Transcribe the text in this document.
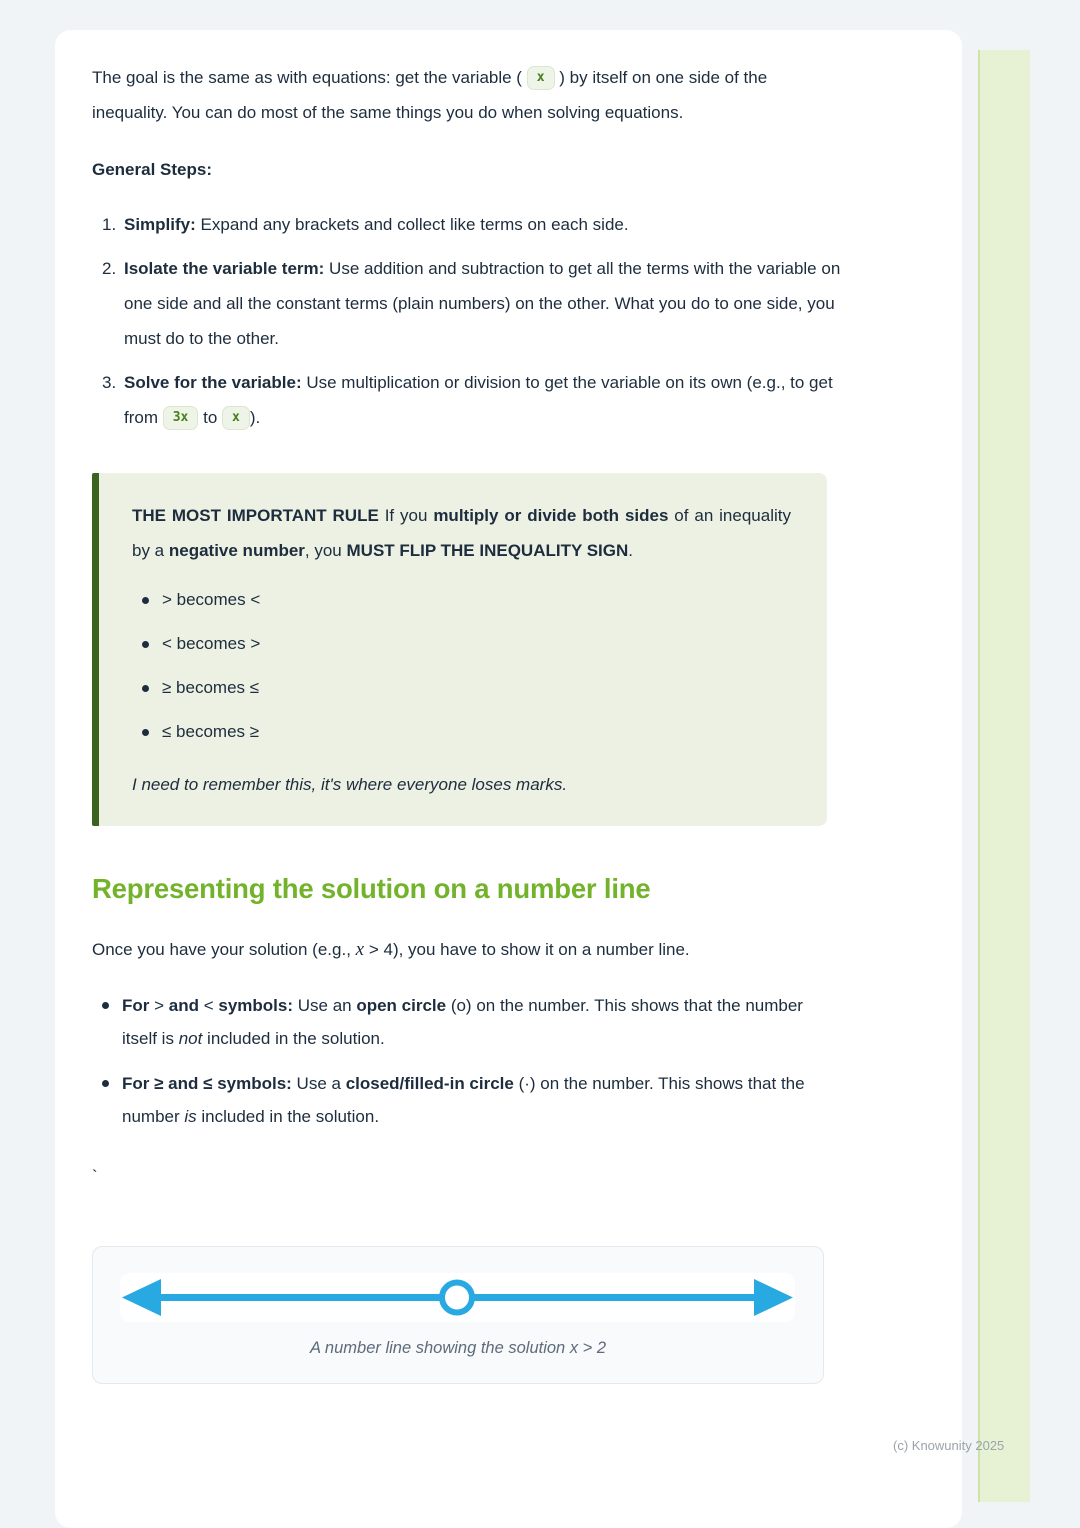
The goal is the same as with equations: get the variable ( x ) by itself on one side of the inequality. You can do most of the same things you do when solving equations.

General Steps:

1. Simplify: Expand any brackets and collect like terms on each side.
2. Isolate the variable term: Use addition and subtraction to get all the terms with the variable on one side and all the constant terms (plain numbers) on the other. What you do to one side, you must do to the other.
3. Solve for the variable: Use multiplication or division to get the variable on its own (e.g., to get from 3x to x ).

THE MOST IMPORTANT RULE If you multiply or divide both sides of an inequality by a negative number, you MUST FLIP THE INEQUALITY SIGN.

> becomes <
< becomes >
≥ becomes ≤
≤ becomes ≥

I need to remember this, it's where everyone loses marks.

Representing the solution on a number line

Once you have your solution (e.g., x > 4), you have to show it on a number line.

For > and < symbols: Use an open circle (o) on the number. This shows that the number itself is not included in the solution.
For ≥ and ≤ symbols: Use a closed/filled-in circle (·) on the number. This shows that the number is included in the solution.

`

A number line showing the solution x > 2

(c) Knowunity 2025
